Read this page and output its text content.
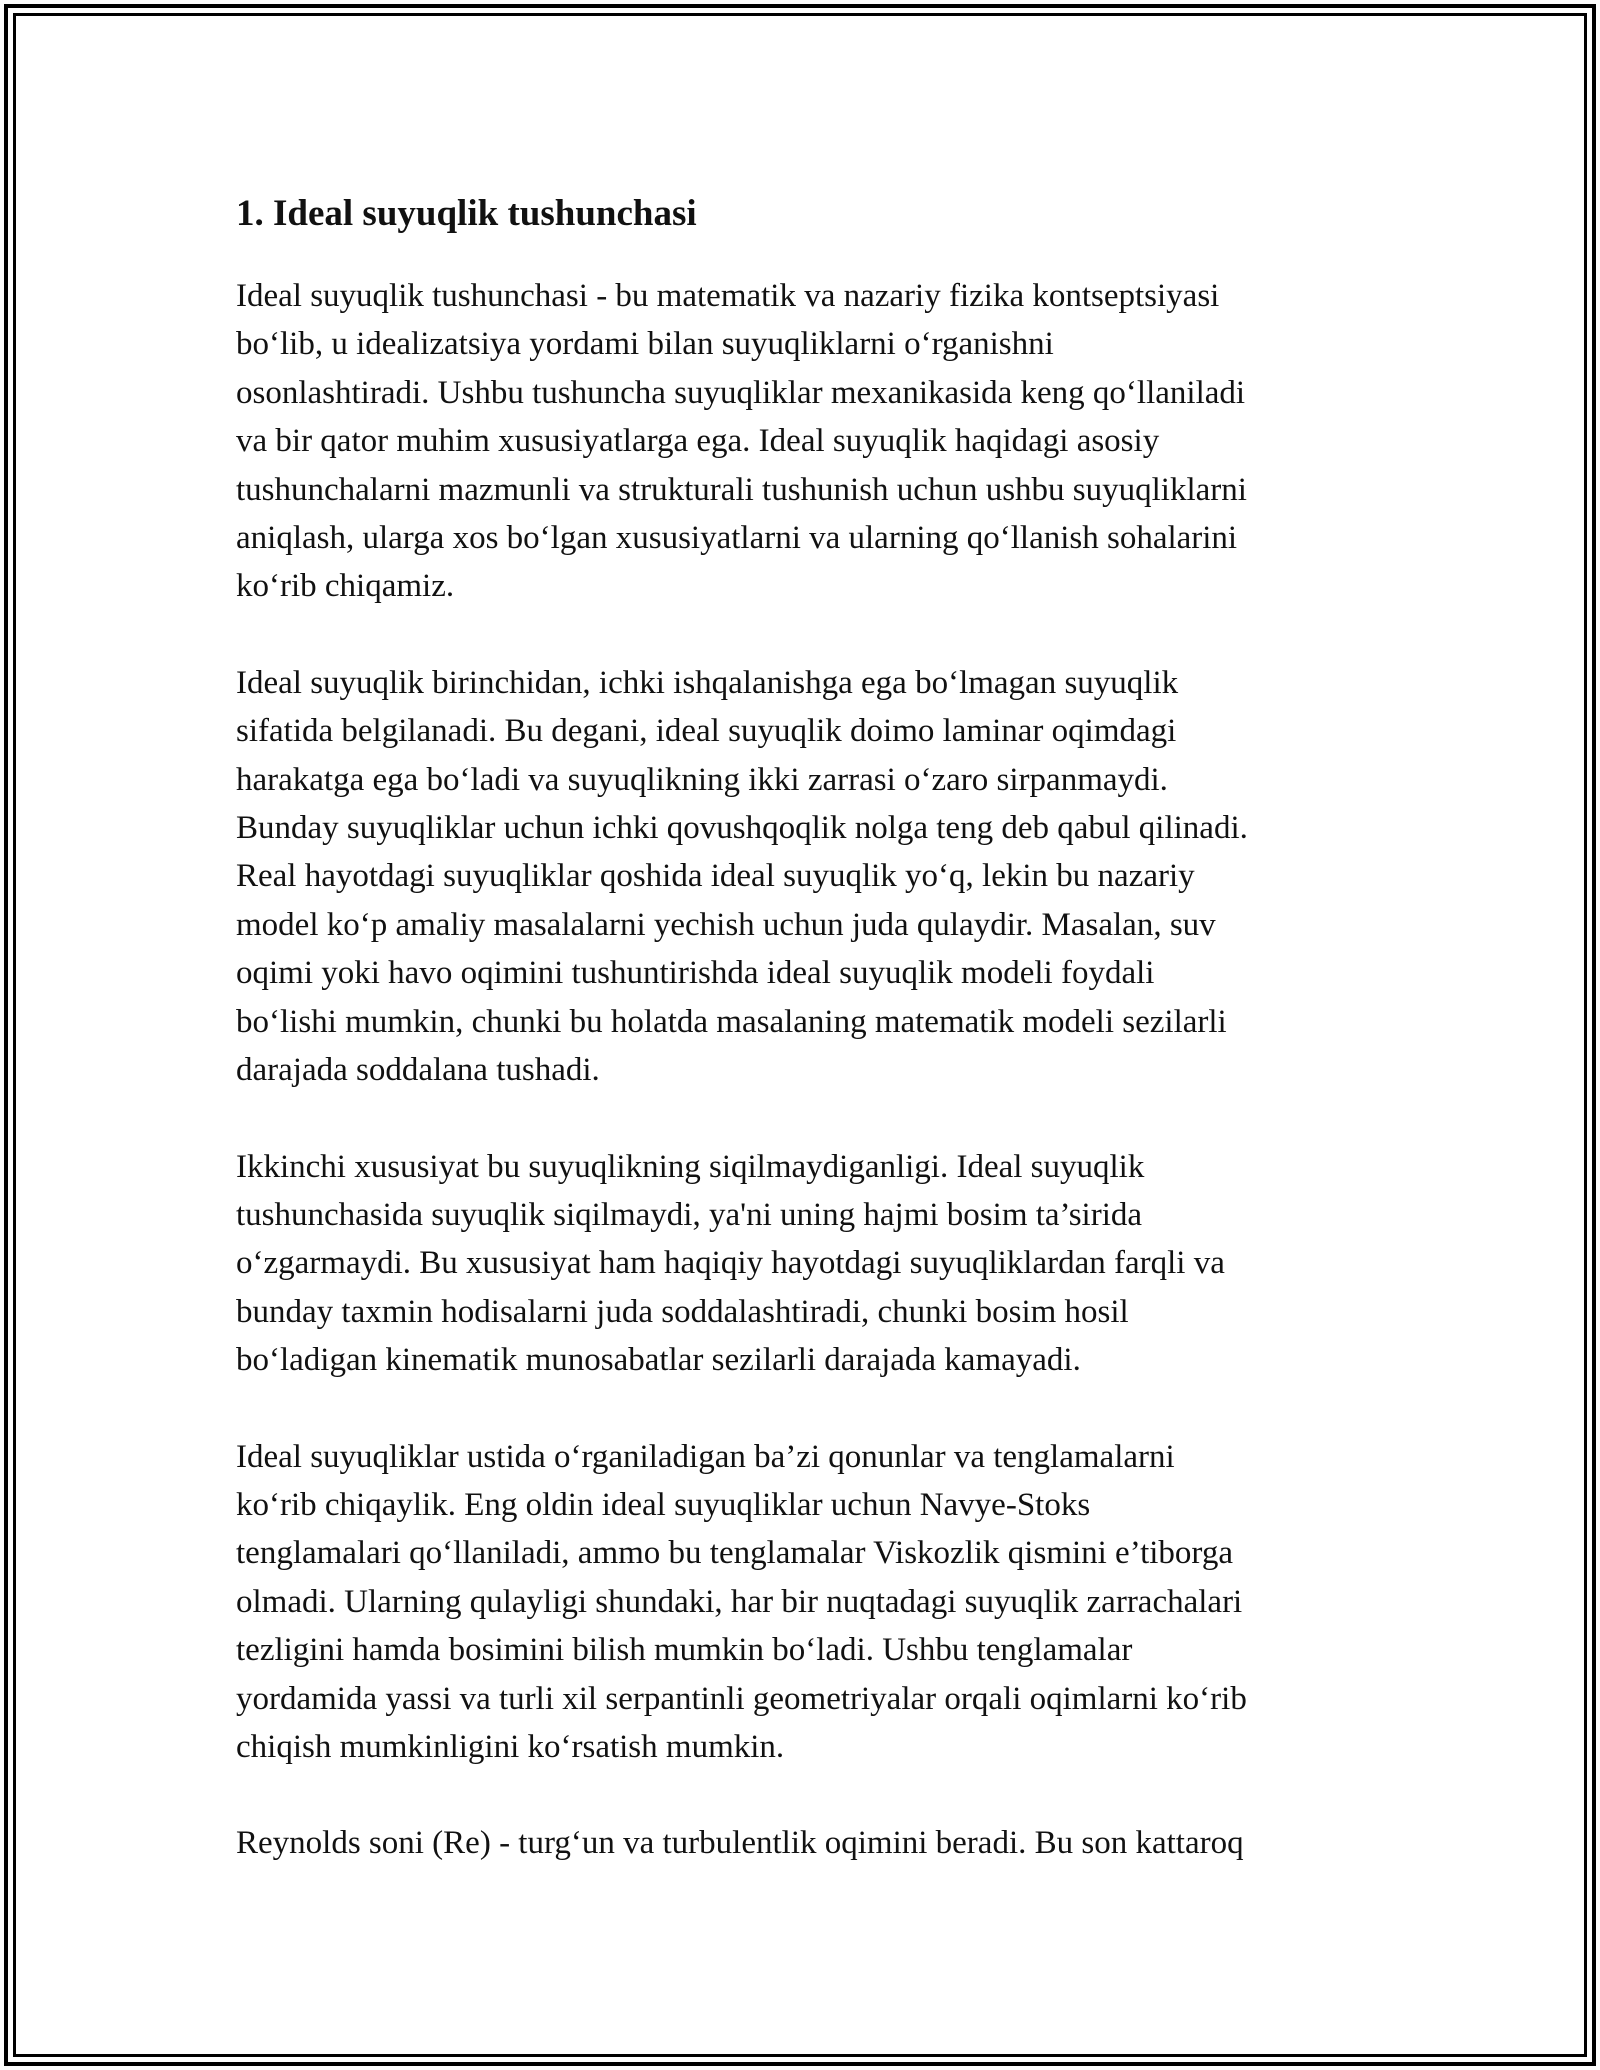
1. Ideal suyuqlik tushunchasi

Ideal suyuqlik tushunchasi - bu matematik va nazariy fizika kontseptsiyasi
bo‘lib, u idealizatsiya yordami bilan suyuqliklarni o‘rganishni
osonlashtiradi. Ushbu tushuncha suyuqliklar mexanikasida keng qo‘llaniladi
va bir qator muhim xususiyatlarga ega. Ideal suyuqlik haqidagi asosiy
tushunchalarni mazmunli va strukturali tushunish uchun ushbu suyuqliklarni
aniqlash, ularga xos bo‘lgan xususiyatlarni va ularning qo‘llanish sohalarini
ko‘rib chiqamiz.

Ideal suyuqlik birinchidan, ichki ishqalanishga ega bo‘lmagan suyuqlik
sifatida belgilanadi. Bu degani, ideal suyuqlik doimo laminar oqimdagi
harakatga ega bo‘ladi va suyuqlikning ikki zarrasi o‘zaro sirpanmaydi.
Bunday suyuqliklar uchun ichki qovushqoqlik nolga teng deb qabul qilinadi.
Real hayotdagi suyuqliklar qoshida ideal suyuqlik yo‘q, lekin bu nazariy
model ko‘p amaliy masalalarni yechish uchun juda qulaydir. Masalan, suv
oqimi yoki havo oqimini tushuntirishda ideal suyuqlik modeli foydali
bo‘lishi mumkin, chunki bu holatda masalaning matematik modeli sezilarli
darajada soddalana tushadi.

Ikkinchi xususiyat bu suyuqlikning siqilmaydiganligi. Ideal suyuqlik
tushunchasida suyuqlik siqilmaydi, ya'ni uning hajmi bosim ta’sirida
o‘zgarmaydi. Bu xususiyat ham haqiqiy hayotdagi suyuqliklardan farqli va
bunday taxmin hodisalarni juda soddalashtiradi, chunki bosim hosil
bo‘ladigan kinematik munosabatlar sezilarli darajada kamayadi.

Ideal suyuqliklar ustida o‘rganiladigan ba’zi qonunlar va tenglamalarni
ko‘rib chiqaylik. Eng oldin ideal suyuqliklar uchun Navye-Stoks
tenglamalari qo‘llaniladi, ammo bu tenglamalar Viskozlik qismini e’tiborga
olmadi. Ularning qulayligi shundaki, har bir nuqtadagi suyuqlik zarrachalari
tezligini hamda bosimini bilish mumkin bo‘ladi. Ushbu tenglamalar
yordamida yassi va turli xil serpantinli geometriyalar orqali oqimlarni ko‘rib
chiqish mumkinligini ko‘rsatish mumkin.

Reynolds soni (Re) - turg‘un va turbulentlik oqimini beradi. Bu son kattaroq
